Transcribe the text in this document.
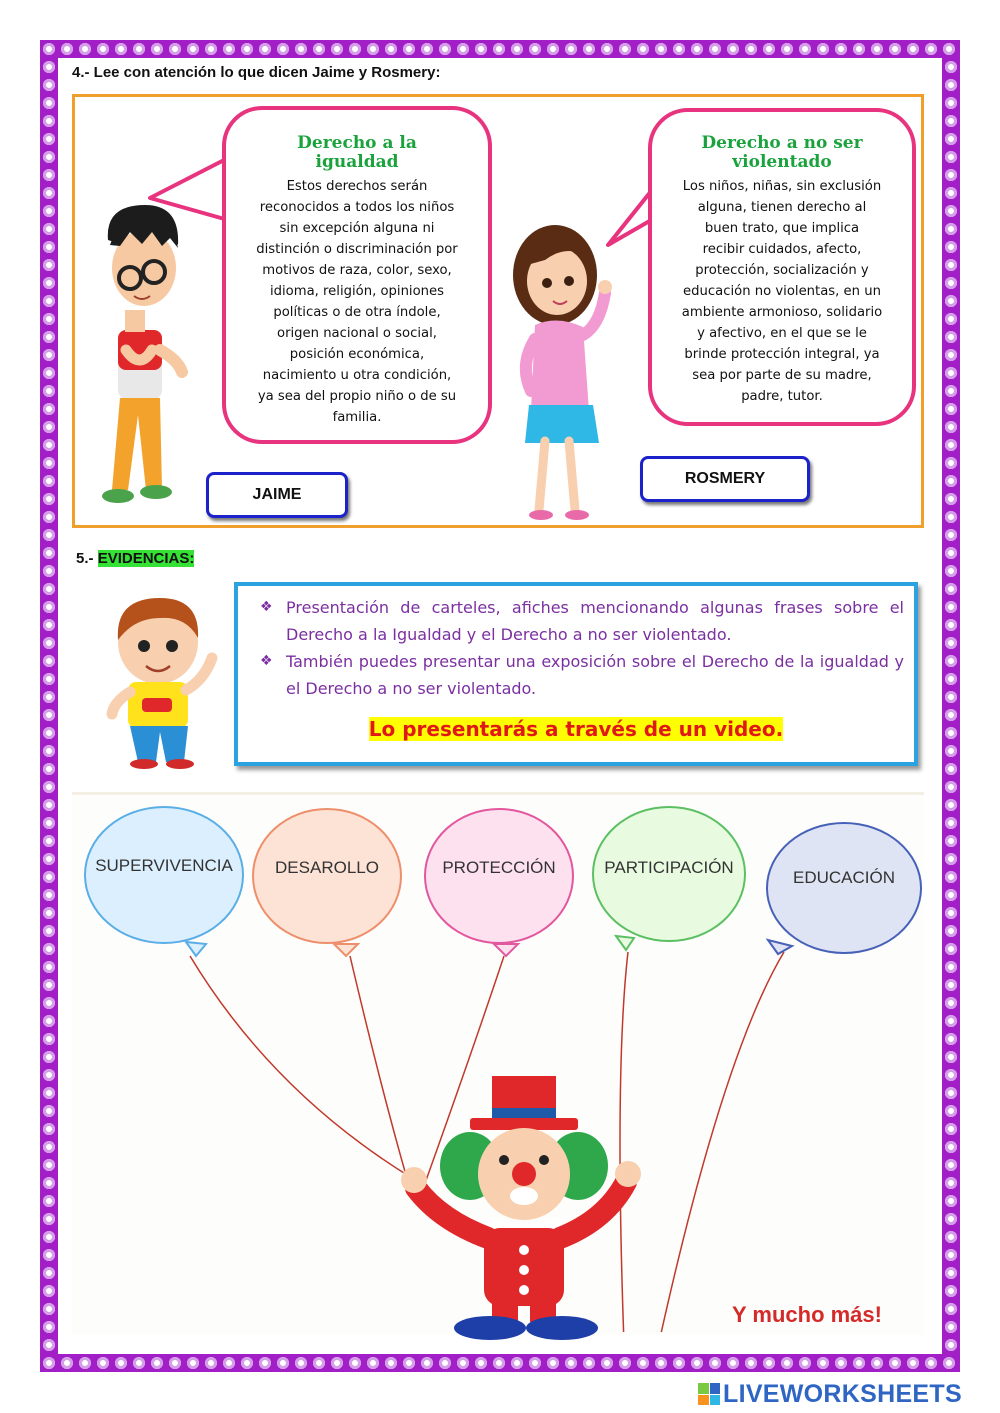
4.- Lee con atención lo que dicen Jaime y Rosmery:
Derecho a la
igualdad
Estos derechos serán
reconocidos a todos los niños
sin excepción alguna ni
distinción o discriminación por
motivos de raza, color, sexo,
idioma, religión, opiniones
políticas o de otra índole,
origen nacional o social,
posición económica,
nacimiento u otra condición,
ya sea del propio niño o de su
familia.
JAIME
Derecho a no ser
violentado
Los niños, niñas, sin exclusión
alguna, tienen derecho al
buen trato, que implica
recibir cuidados, afecto,
protección, socialización y
educación no violentas, en un
ambiente armonioso, solidario
y afectivo, en el que se le
brinde protección integral, ya
sea por parte de su madre,
padre, tutor.
ROSMERY
5.- EVIDENCIAS:
❖ Presentación de carteles, afiches mencionando algunas frases sobre el Derecho a la Igualdad y el Derecho a no ser violentado.
❖ También puedes presentar una exposición sobre el Derecho de la igualdad y el Derecho a no ser violentado.
Lo presentarás a través de un video.
SUPERVIVENCIA	DESAROLLO	PROTECCIÓN	PARTICIPACIÓN
EDUCACIÓN
Y mucho más!
LIVEWORKSHEETS
